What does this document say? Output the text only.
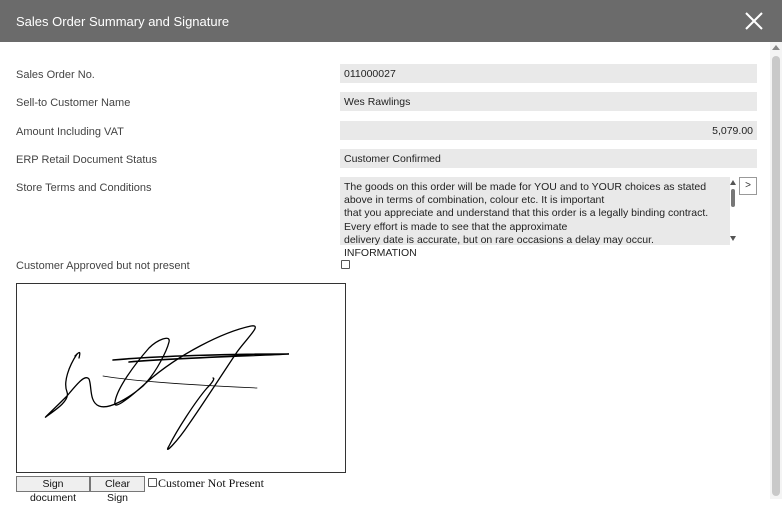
Sales Order Summary and Signature
Sales Order No.	011000027
Sell-to Customer Name	Wes Rawlings
Amount Including VAT	5,079.00
ERP Retail Document Status	Customer Confirmed
Store Terms and Conditions	The goods on this order will be made for YOU and to YOUR choices as stated above in terms of combination, colour etc. It is important
that you appreciate and understand that this order is a legally binding contract. Every effort is made to see that the approximate
delivery date is accurate, but on rare occasions a delay may occur. INFORMATION
>
Customer Approved but not present
Sign document
Clear Sign
Customer Not Present
